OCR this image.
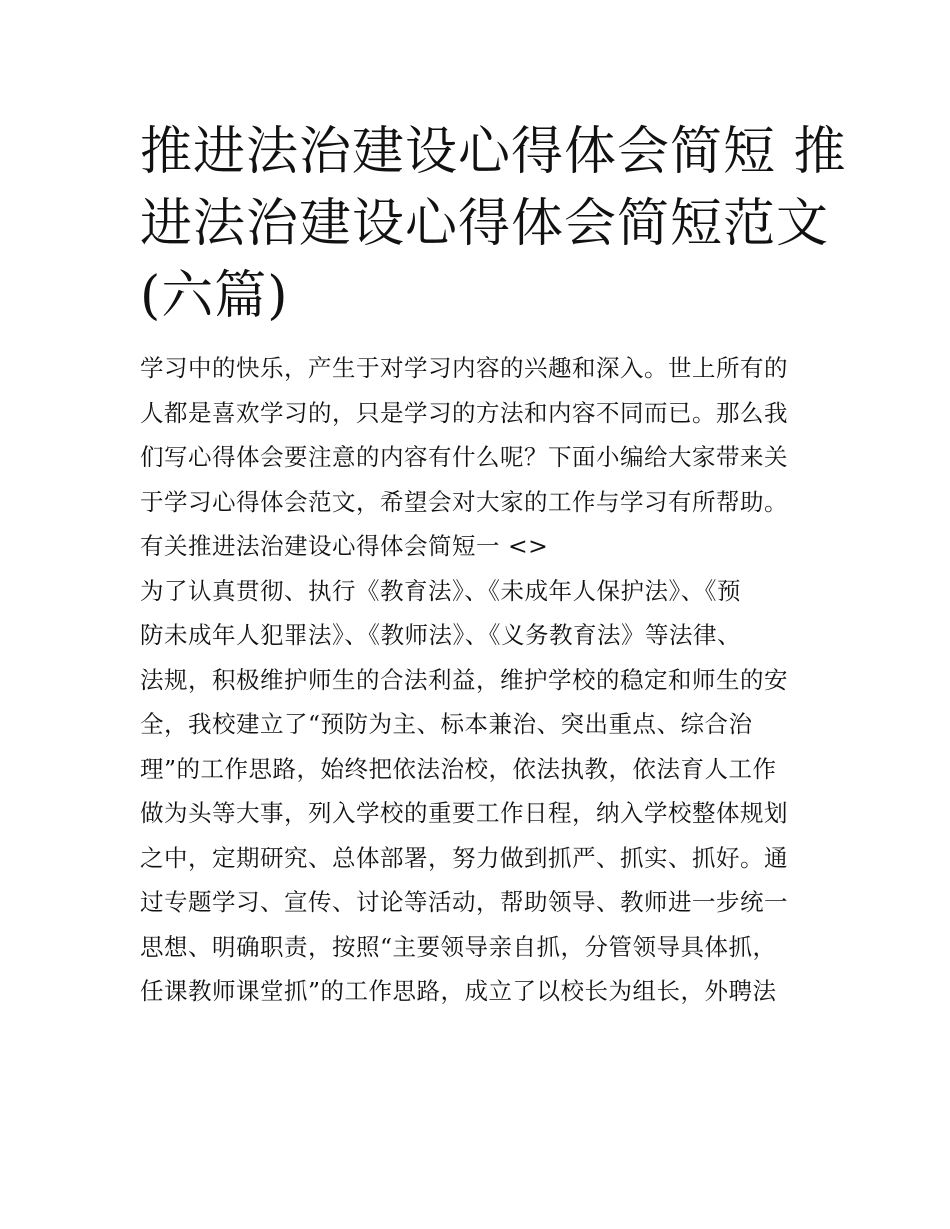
推进法治建设心得体会简短 推
进法治建设心得体会简短范文
(六篇)
学习中的快乐，产生于对学习内容的兴趣和深入。世上所有的
人都是喜欢学习的，只是学习的方法和内容不同而已。那么我
们写心得体会要注意的内容有什么呢？下面小编给大家带来关
于学习心得体会范文，希望会对大家的工作与学习有所帮助。
有关推进法治建设心得体会简短一 <>
为了认真贯彻、执行《教育法》、《未成年人保护法》、《预
防未成年人犯罪法》、《教师法》、《义务教育法》等法律、
法规，积极维护师生的合法利益，维护学校的稳定和师生的安
全，我校建立了“预防为主、标本兼治、突出重点、综合治
理”的工作思路，始终把依法治校，依法执教，依法育人工作
做为头等大事，列入学校的重要工作日程，纳入学校整体规划
之中，定期研究、总体部署，努力做到抓严、抓实、抓好。通
过专题学习、宣传、讨论等活动，帮助领导、教师进一步统一
思想、明确职责，按照“主要领导亲自抓，分管领导具体抓，
任课教师课堂抓”的工作思路，成立了以校长为组长，外聘法
